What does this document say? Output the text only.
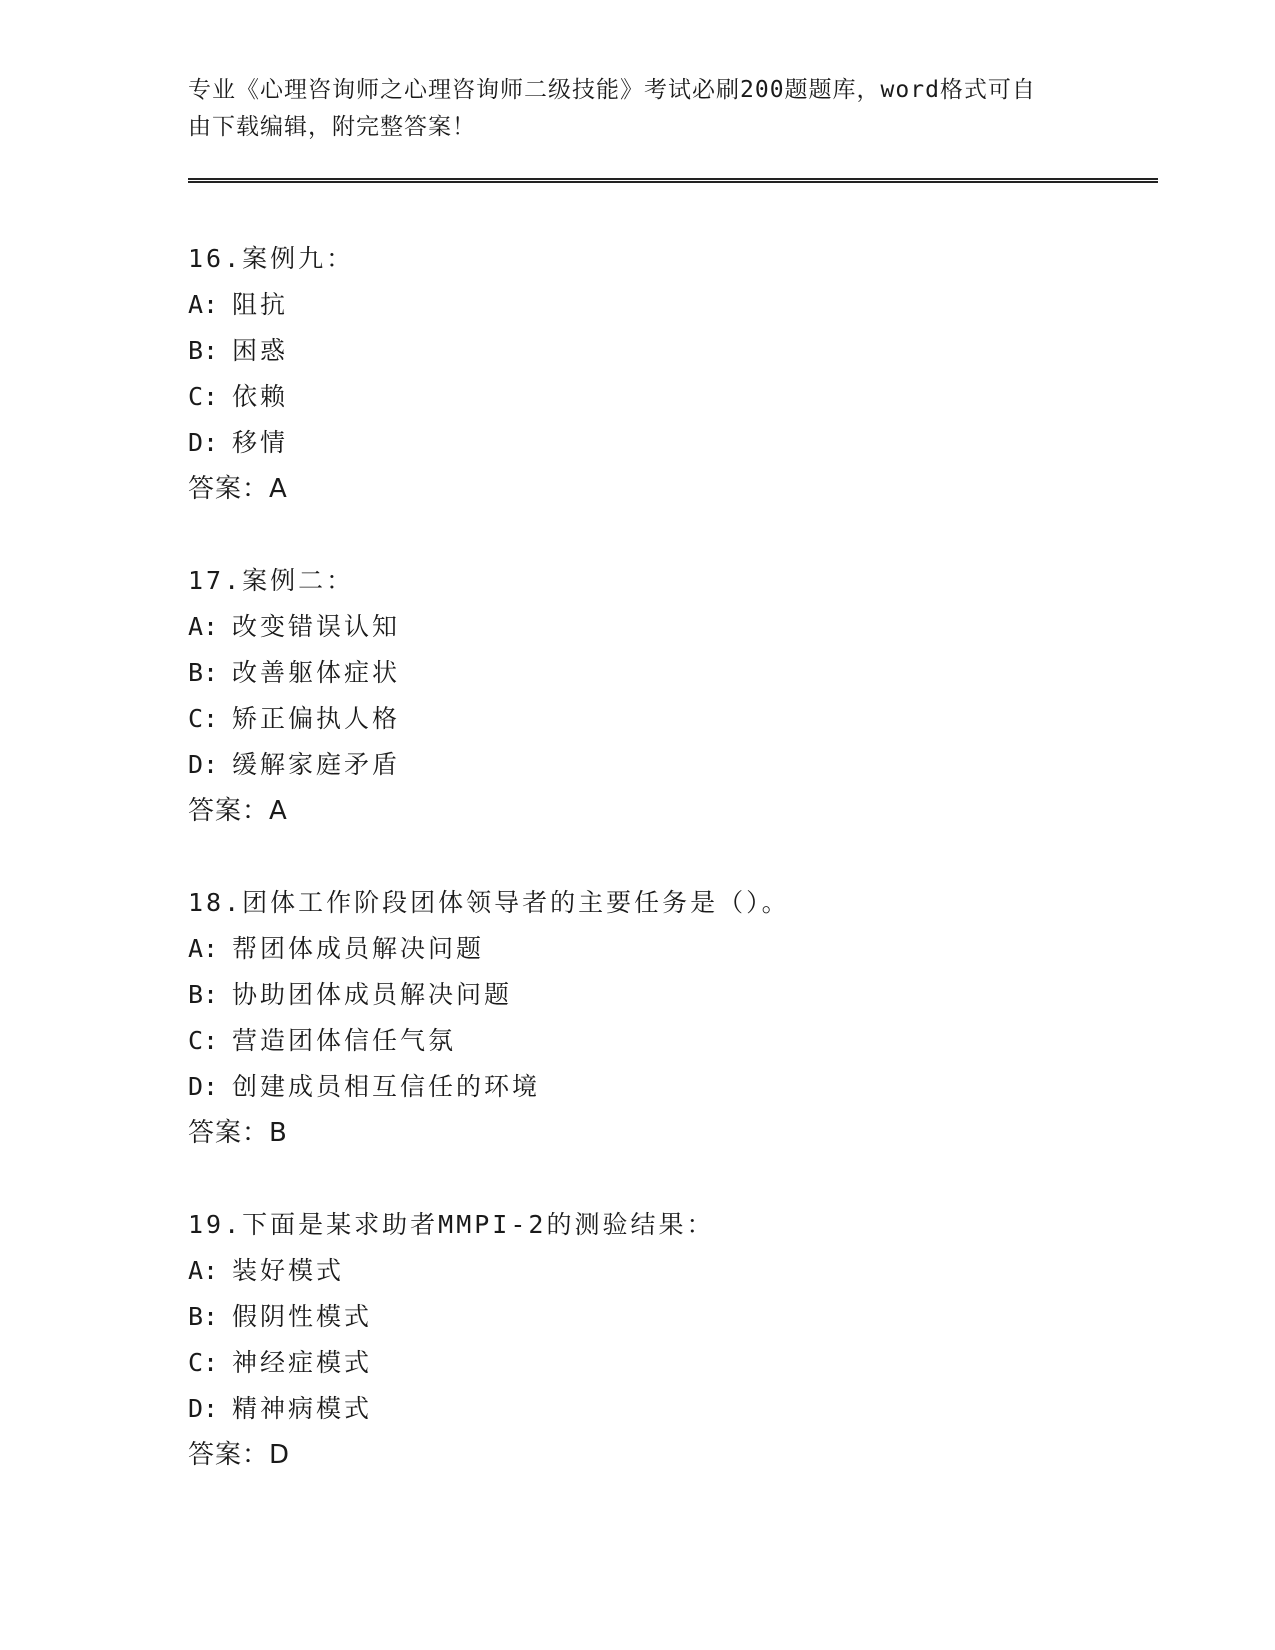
专业《心理咨询师之心理咨询师二级技能》考试必刷200题题库，word格式可自
由下载编辑，附完整答案！
16.案例九：
A: 阻抗
B: 困惑
C: 依赖
D: 移情
答案：A
17.案例二：
A: 改变错误认知
B: 改善躯体症状
C: 矫正偏执人格
D: 缓解家庭矛盾
答案：A
18.团体工作阶段团体领导者的主要任务是（）。
A: 帮团体成员解决问题
B: 协助团体成员解决问题
C: 营造团体信任气氛
D: 创建成员相互信任的环境
答案：B
19.下面是某求助者MMPI-2的测验结果：
A: 装好模式
B: 假阴性模式
C: 神经症模式
D: 精神病模式
答案：D
